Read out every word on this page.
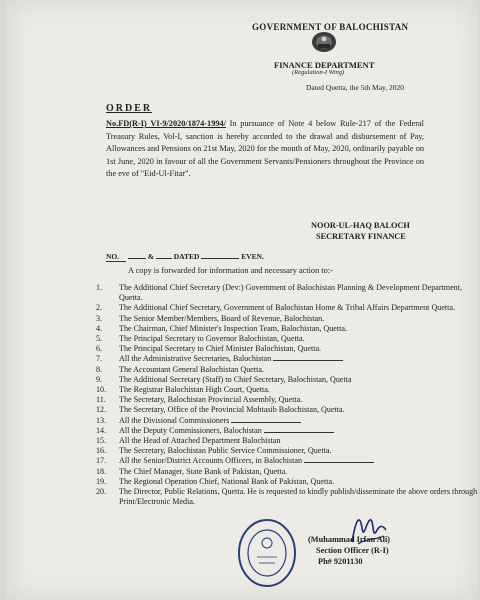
GOVERNMENT OF BALOCHISTAN
FINANCE DEPARTMENT
(Regulation-I Wing)
Dated Quetta, the 5th May, 2020
ORDER
No.FD(R-I) VI-9/2020/1874-1994/ In pursuance of Note 4 below Rule-217 of the Federal Treasury Rules, Vol-I, sanction is hereby accorded to the drawal and disbursement of Pay, Allowances and Pensions on 21st May, 2020 for the month of May, 2020, ordinarily payable on 1st June, 2020 in favour of all the Government Servants/Pensioners throughout the Province on the eve of "Eid-Ul-Fitar".
NOOR-UL-HAQ BALOCH
SECRETARY FINANCE
NO.	&	DATED	EVEN.
A copy is forwarded for information and necessary action to:-
1.	The Additional Chief Secretary (Dev:) Government of Balochistan Planning & Development Department, Quetta.
2.	The Additional Chief Secretary, Government of Balochistan Home & Tribal Affairs Department Quetta.
3.	The Senior Member/Members, Board of Revenue, Balochistan.
4.	The Chairman, Chief Minister's Inspection Team, Balochistan, Quetta.
5.	The Principal Secretary to Governor Balochistan, Quetta.
6.	The Principal Secretary to Chief Minister Balochistan, Quetta.
7.	All the Administrative Secretaries, Balochistan
8.	The Accountant General Balochistan Quetta.
9.	The Additional Secretary (Staff) to Chief Secretary, Balochistan, Quetta
10.	The Registrar Balochistan High Court, Quetta.
11.	The Secretary, Balochistan Provincial Assembly, Quetta.
12.	The Secretary, Office of the Provincial Mohtasib Balochistan, Quetta.
13.	All the Divisional Commissioners
14.	All the Deputy Commissioners, Balochistan
15.	All the Head of Attached Department Balochistan
16.	The Secretary, Balochistan Public Service Commissioner, Quetta.
17.	All the Senior/District Accounts Officers, in Balochistan
18.	The Chief Manager, State Bank of Pakistan, Quetta.
19.	The Regional Operation Chief, National Bank of Pakistan, Quetta.
20.	The Director, Public Relations, Quetta. He is requested to kindly publish/disseminate the above orders through Print/Electronic Media.
(Muhammad Irfan Ali)
Section Officer (R-I)
Ph# 9201130
